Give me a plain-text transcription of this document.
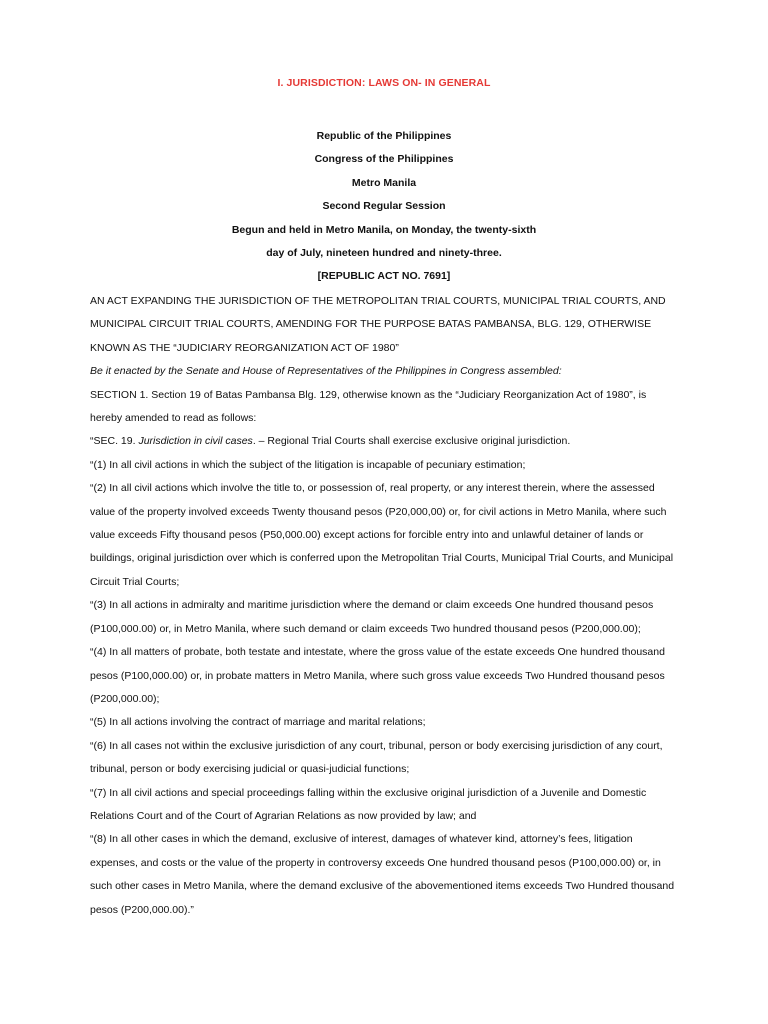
I. JURISDICTION: LAWS ON- IN GENERAL
Republic of the Philippines
Congress of the Philippines
Metro Manila
Second Regular Session
Begun and held in Metro Manila, on Monday, the twenty-sixth
day of July, nineteen hundred and ninety-three.
[REPUBLIC ACT NO. 7691]

AN ACT EXPANDING THE JURISDICTION OF THE METROPOLITAN TRIAL COURTS, MUNICIPAL TRIAL COURTS, AND MUNICIPAL CIRCUIT TRIAL COURTS, AMENDING FOR THE PURPOSE BATAS PAMBANSA, BLG. 129, OTHERWISE KNOWN AS THE “JUDICIARY REORGANIZATION ACT OF 1980”

Be it enacted by the Senate and House of Representatives of the Philippines in Congress assembled:

SECTION 1. Section 19 of Batas Pambansa Blg. 129, otherwise known as the “Judiciary Reorganization Act of 1980”, is hereby amended to read as follows:

“SEC. 19. Jurisdiction in civil cases. – Regional Trial Courts shall exercise exclusive original jurisdiction.

“(1) In all civil actions in which the subject of the litigation is incapable of pecuniary estimation;

“(2) In all civil actions which involve the title to, or possession of, real property, or any interest therein, where the assessed value of the property involved exceeds Twenty thousand pesos (P20,000,00) or, for civil actions in Metro Manila, where such value exceeds Fifty thousand pesos (P50,000.00) except actions for forcible entry into and unlawful detainer of lands or buildings, original jurisdiction over which is conferred upon the Metropolitan Trial Courts, Municipal Trial Courts, and Municipal Circuit Trial Courts;

“(3) In all actions in admiralty and maritime jurisdiction where the demand or claim exceeds One hundred thousand pesos (P100,000.00) or, in Metro Manila, where such demand or claim exceeds Two hundred thousand pesos (P200,000.00);

“(4) In all matters of probate, both testate and intestate, where the gross value of the estate exceeds One hundred thousand pesos (P100,000.00) or, in probate matters in Metro Manila, where such gross value exceeds Two Hundred thousand pesos (P200,000.00);

“(5) In all actions involving the contract of marriage and marital relations;

“(6) In all cases not within the exclusive jurisdiction of any court, tribunal, person or body exercising jurisdiction of any court, tribunal, person or body exercising judicial or quasi-judicial functions;

“(7) In all civil actions and special proceedings falling within the exclusive original jurisdiction of a Juvenile and Domestic Relations Court and of the Court of Agrarian Relations as now provided by law; and

“(8) In all other cases in which the demand, exclusive of interest, damages of whatever kind, attorney’s fees, litigation expenses, and costs or the value of the property in controversy exceeds One hundred thousand pesos (P100,000.00) or, in such other cases in Metro Manila, where the demand exclusive of the abovementioned items exceeds Two Hundred thousand pesos (P200,000.00).”
